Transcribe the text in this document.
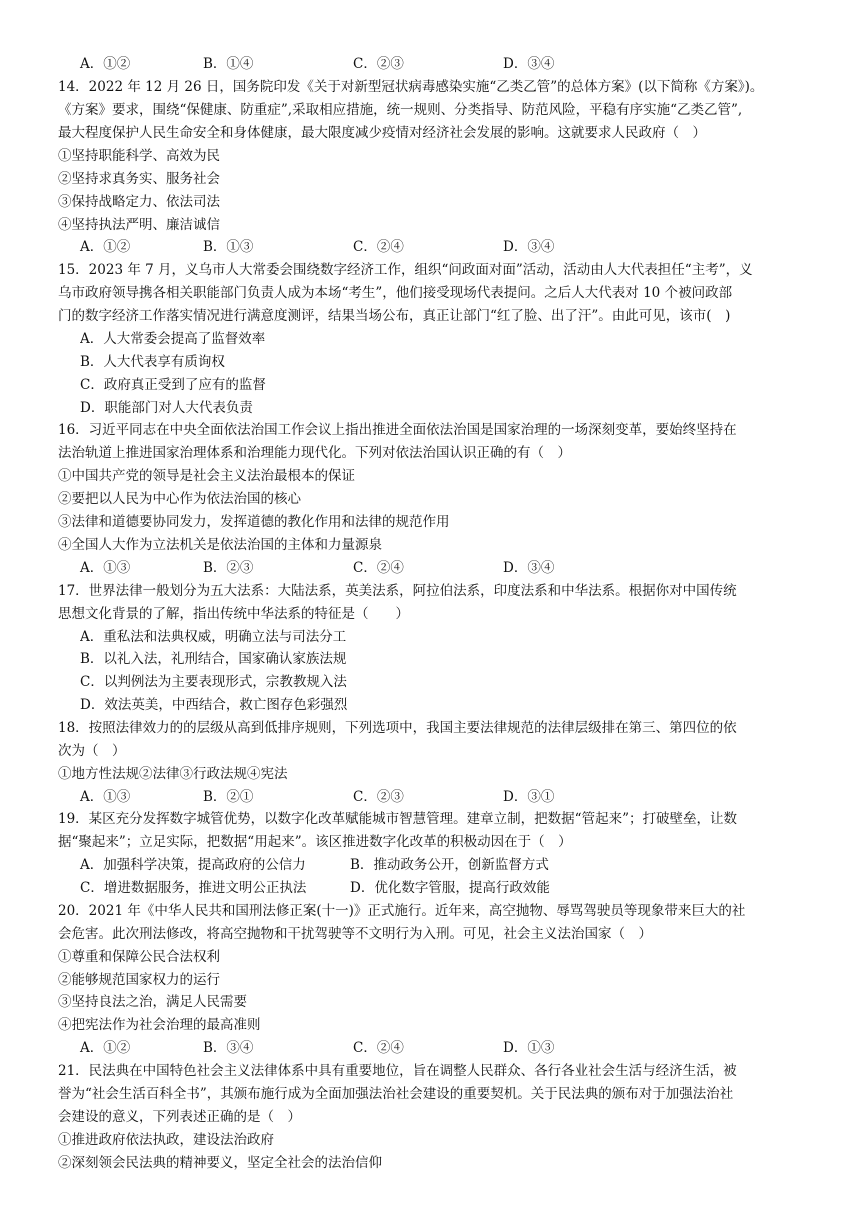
A．①②	B．①④	C．②③	D．③④
14．2022 年 12 月 26 日，国务院印发《关于对新型冠状病毒感染实施“乙类乙管”的总体方案》(以下简称《方案》)。
《方案》要求，围绕“保健康、防重症”,采取相应措施，统一规则、分类指导、防范风险，平稳有序实施“乙类乙管”,
最大程度保护人民生命安全和身体健康，最大限度减少疫情对经济社会发展的影响。这就要求人民政府（　）
①坚持职能科学、高效为民
②坚持求真务实、服务社会
③保持战略定力、依法司法
④坚持执法严明、廉洁诚信
A．①②	B．①③	C．②④	D．③④
15．2023 年 7 月，义乌市人大常委会围绕数字经济工作，组织“问政面对面”活动，活动由人大代表担任“主考”，义
乌市政府领导携各相关职能部门负责人成为本场“考生”，他们接受现场代表提问。之后人大代表对 10 个被问政部
门的数字经济工作落实情况进行满意度测评，结果当场公布，真正让部门“红了脸、出了汗”。由此可见，该市(　)
A．人大常委会提高了监督效率
B．人大代表享有质询权
C．政府真正受到了应有的监督
D．职能部门对人大代表负责
16．习近平同志在中央全面依法治国工作会议上指出推进全面依法治国是国家治理的一场深刻变革，要始终坚持在
法治轨道上推进国家治理体系和治理能力现代化。下列对依法治国认识正确的有（　）
①中国共产党的领导是社会主义法治最根本的保证
②要把以人民为中心作为依法治国的核心
③法律和道德要协同发力，发挥道德的教化作用和法律的规范作用
④全国人大作为立法机关是依法治国的主体和力量源泉
A．①③	B．②③	C．②④	D．③④
17．世界法律一般划分为五大法系：大陆法系，英美法系，阿拉伯法系，印度法系和中华法系。根据你对中国传统
思想文化背景的了解，指出传统中华法系的特征是（　　）
A．重私法和法典权威，明确立法与司法分工
B．以礼入法，礼刑结合，国家确认家族法规
C．以判例法为主要表现形式，宗教教规入法
D．效法英美，中西结合，救亡图存色彩强烈
18．按照法律效力的的层级从高到低排序规则，下列选项中，我国主要法律规范的法律层级排在第三、第四位的依
次为（　）
①地方性法规②法律③行政法规④宪法
A．①③	B．②①	C．②③	D．③①
19．某区充分发挥数字城管优势，以数字化改革赋能城市智慧管理。建章立制，把数据“管起来”；打破壁垒，让数
据“聚起来”；立足实际，把数据“用起来”。该区推进数字化改革的积极动因在于（　）
A．加强科学决策，提高政府的公信力	B．推动政务公开，创新监督方式
C．增进数据服务，推进文明公正执法	D．优化数字管服，提高行政效能
20．2021 年《中华人民共和国刑法修正案(十一)》正式施行。近年来，高空抛物、辱骂驾驶员等现象带来巨大的社
会危害。此次刑法修改，将高空抛物和干扰驾驶等不文明行为入刑。可见，社会主义法治国家（　）
①尊重和保障公民合法权利
②能够规范国家权力的运行
③坚持良法之治，满足人民需要
④把宪法作为社会治理的最高准则
A．①②	B．③④	C．②④	D．①③
21．民法典在中国特色社会主义法律体系中具有重要地位，旨在调整人民群众、各行各业社会生活与经济生活，被
誉为“社会生活百科全书”，其颁布施行成为全面加强法治社会建设的重要契机。关于民法典的颁布对于加强法治社
会建设的意义，下列表述正确的是（　）
①推进政府依法执政，建设法治政府
②深刻领会民法典的精神要义，坚定全社会的法治信仰
